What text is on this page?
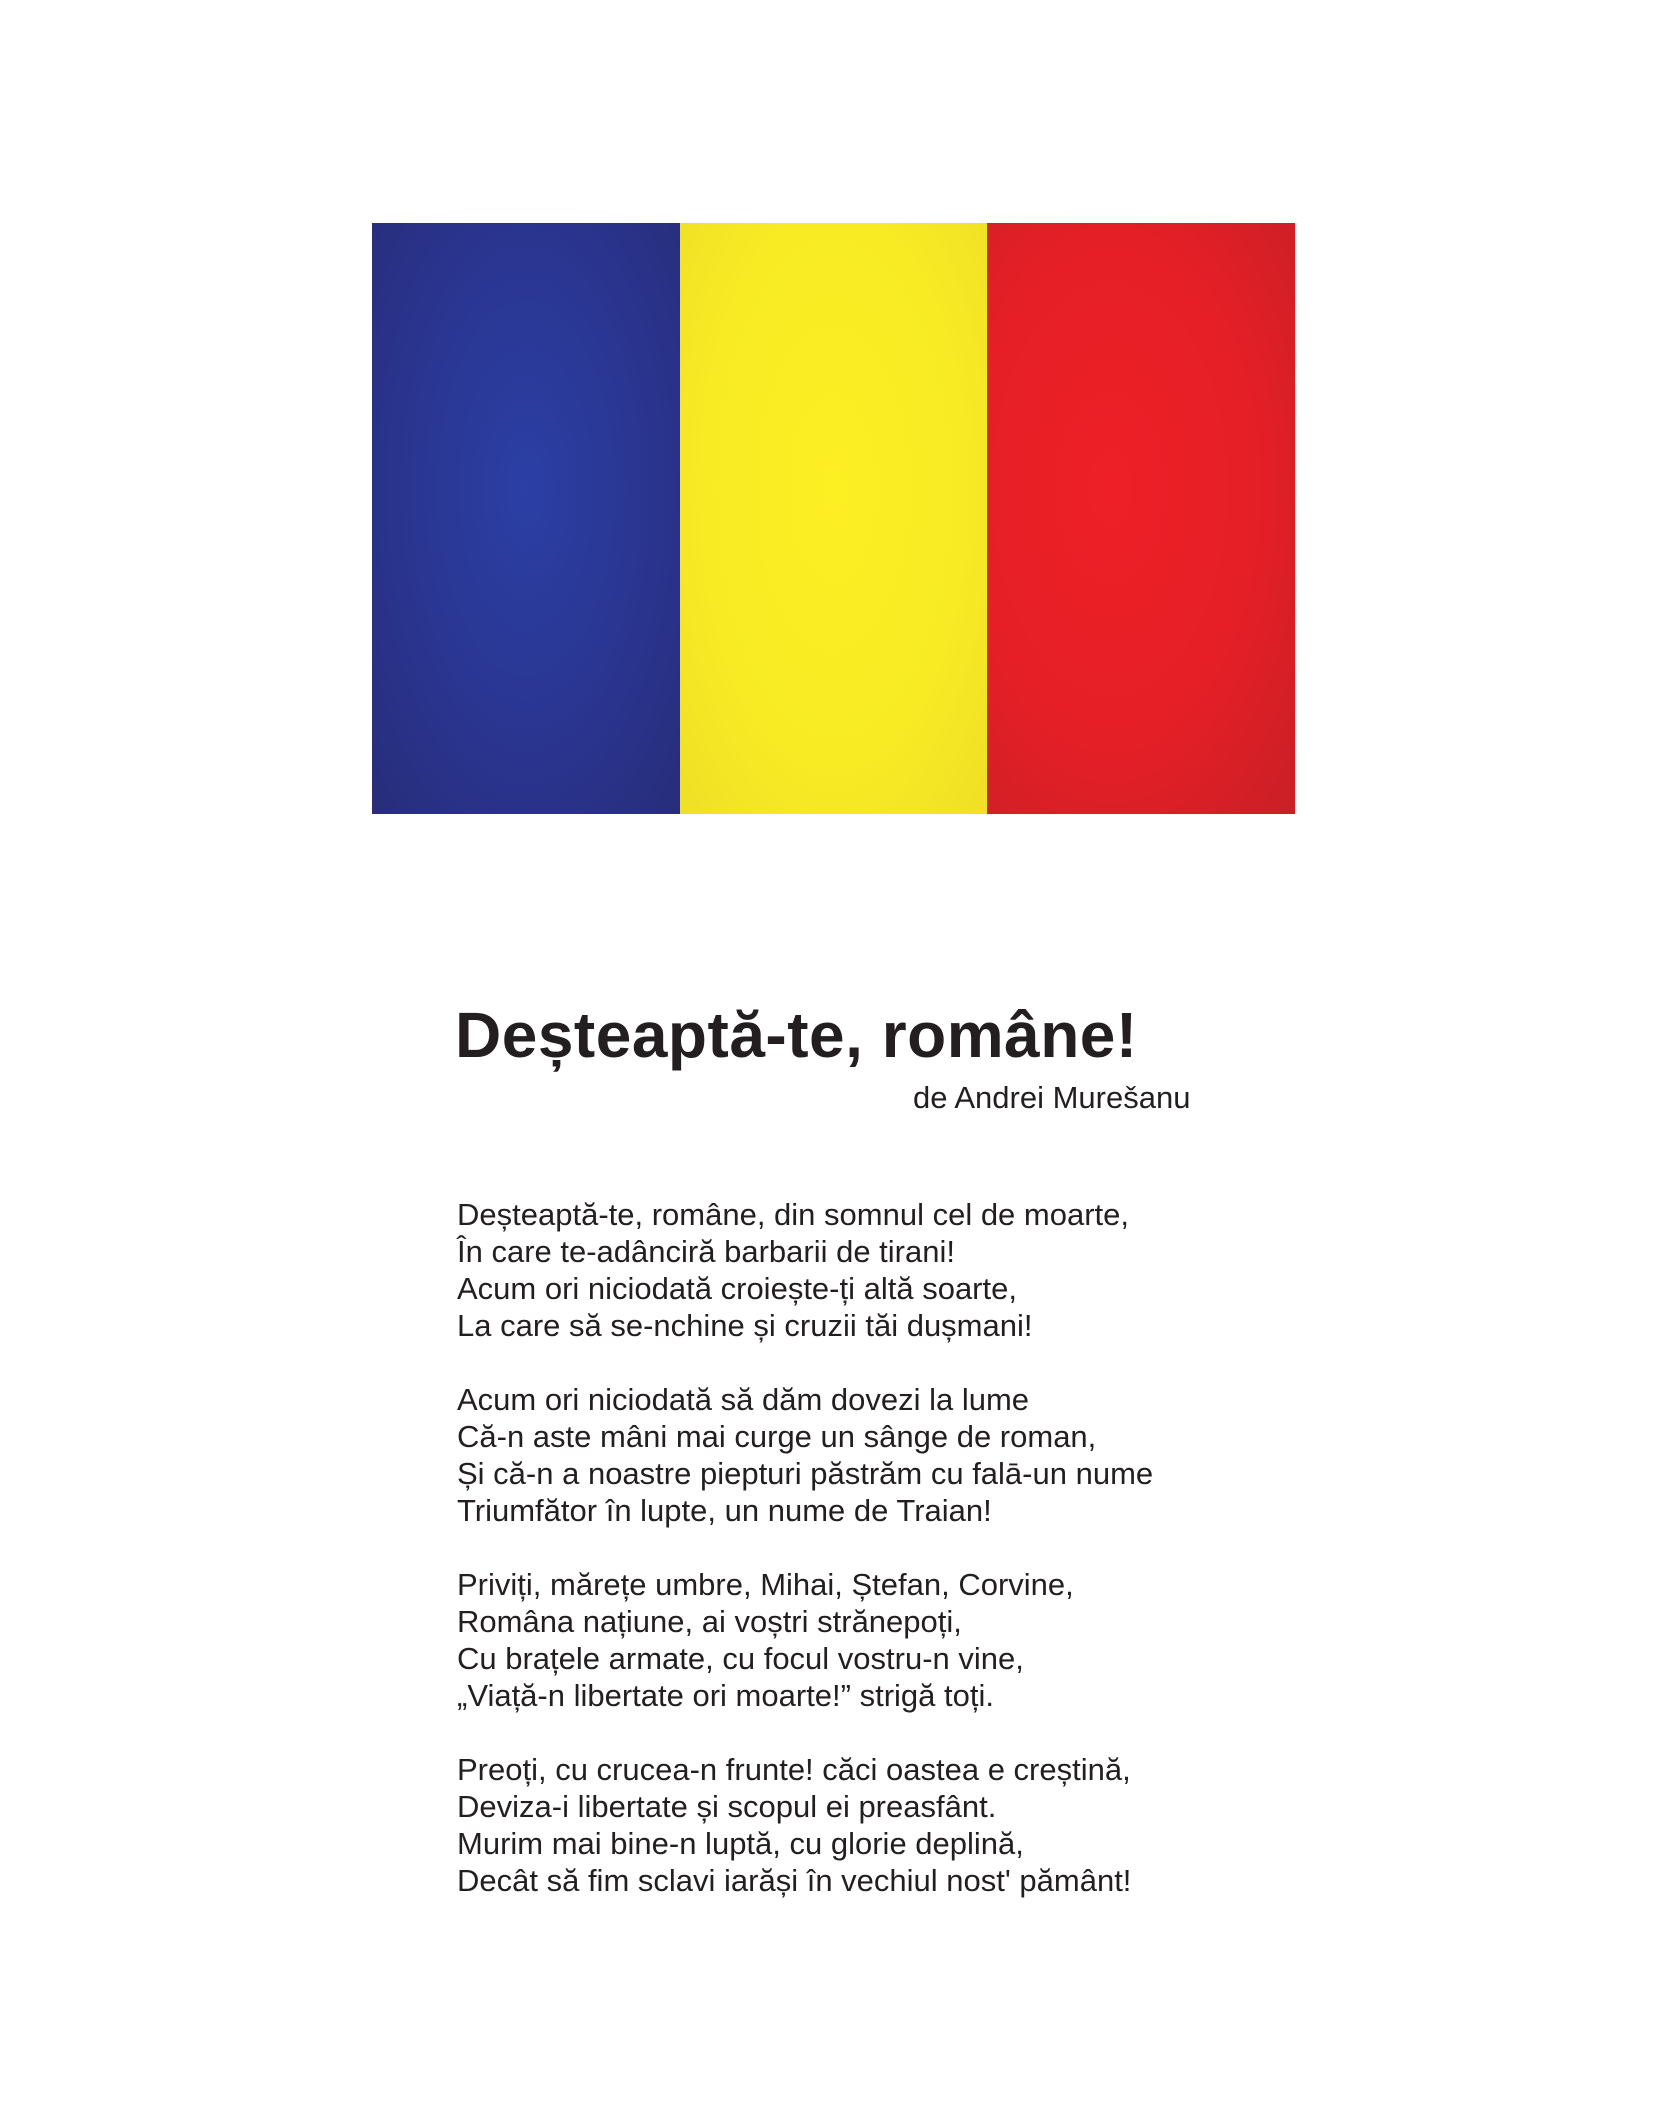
Deșteaptă-te, române!
de Andrei Murešanu
Deșteaptă-te, române, din somnul cel de moarte,
În care te-adânciră barbarii de tirani!
Acum ori niciodată croiește-ți altă soarte,
La care să se-nchine și cruzii tăi dușmani!
Acum ori niciodată să dăm dovezi la lume
Că-n aste mâni mai curge un sânge de roman,
Și că-n a noastre piepturi păstrăm cu falā-un nume
Triumfător în lupte, un nume de Traian!
Priviți, mărețe umbre, Mihai, Ștefan, Corvine,
Româna națiune, ai voștri strănepoți,
Cu brațele armate, cu focul vostru-n vine,
„Viață-n libertate ori moarte!” strigă toți.
Preoți, cu crucea-n frunte! căci oastea e creștină,
Deviza-i libertate și scopul ei preasfânt.
Murim mai bine-n luptă, cu glorie deplină,
Decât să fim sclavi iarăși în vechiul nost' pământ!
